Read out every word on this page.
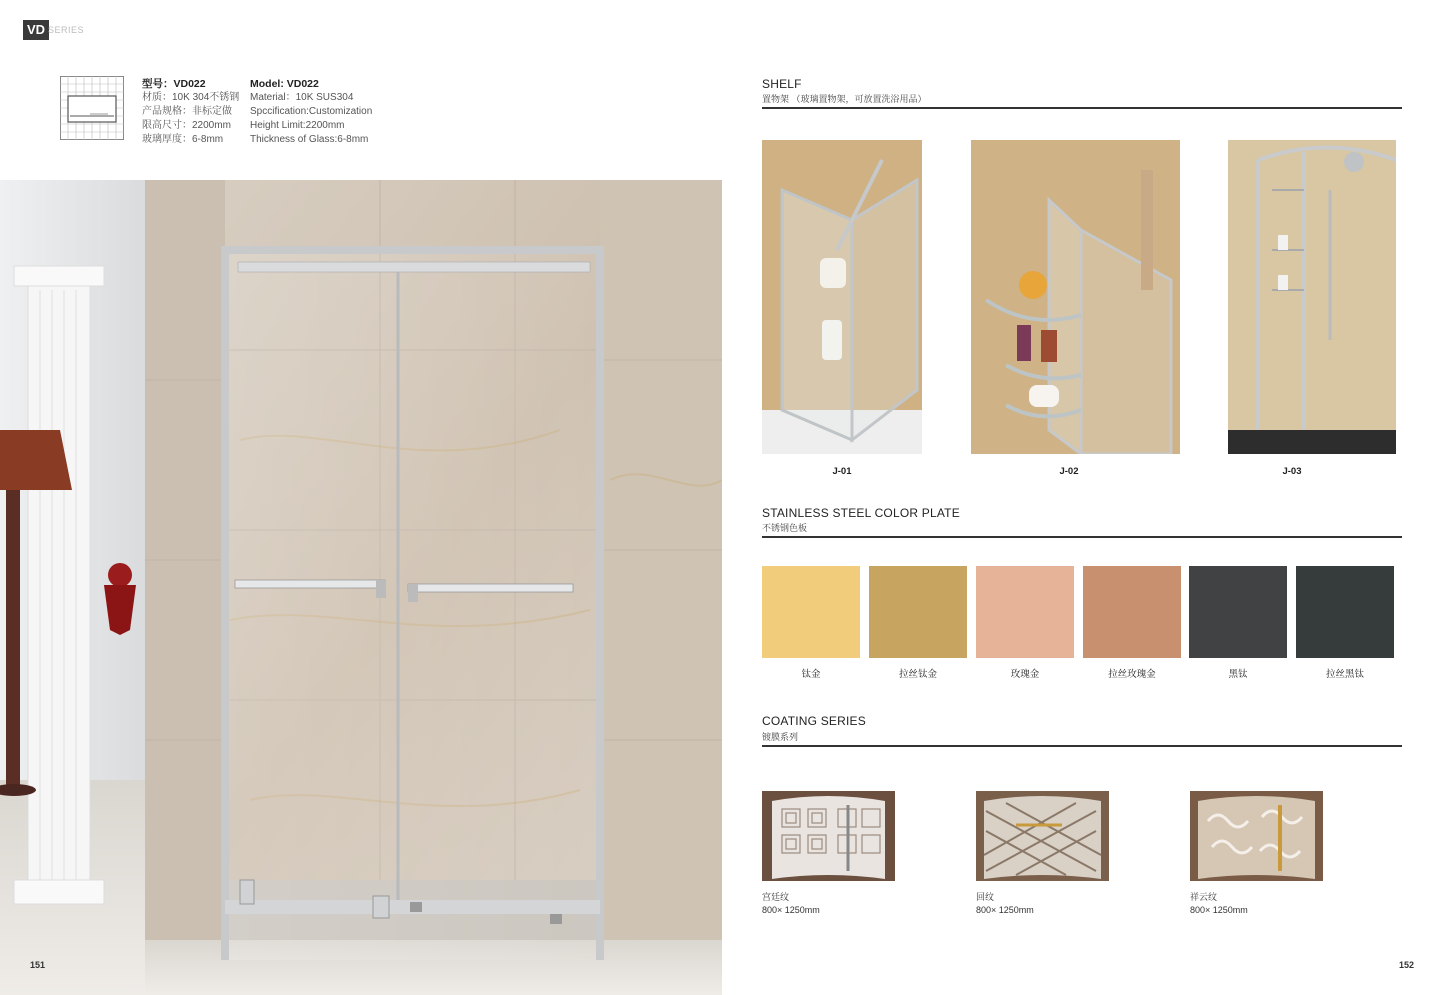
VD SERIES
型号：VD022
材质：10K 304不锈钢
产品规格：非标定做
限高尺寸：2200mm
玻璃厚度：6-8mm
Model: VD022
Material：10K SUS304
Spcсification:Customization
Height Limit:2200mm
Thickness of Glass:6-8mm
151
SHELF
置物架 （玻璃置物架，可放置洗浴用品）
J-01	J-02	J-03
STAINLESS STEEL COLOR PLATE
不锈钢色板
钛金	拉丝钛金	玫瑰金	拉丝玫瑰金	黑钛	拉丝黑钛
COATING SERIES
镀膜系列
宫廷纹
800× 1250mm
回纹
800× 1250mm
祥云纹
800× 1250mm
152
